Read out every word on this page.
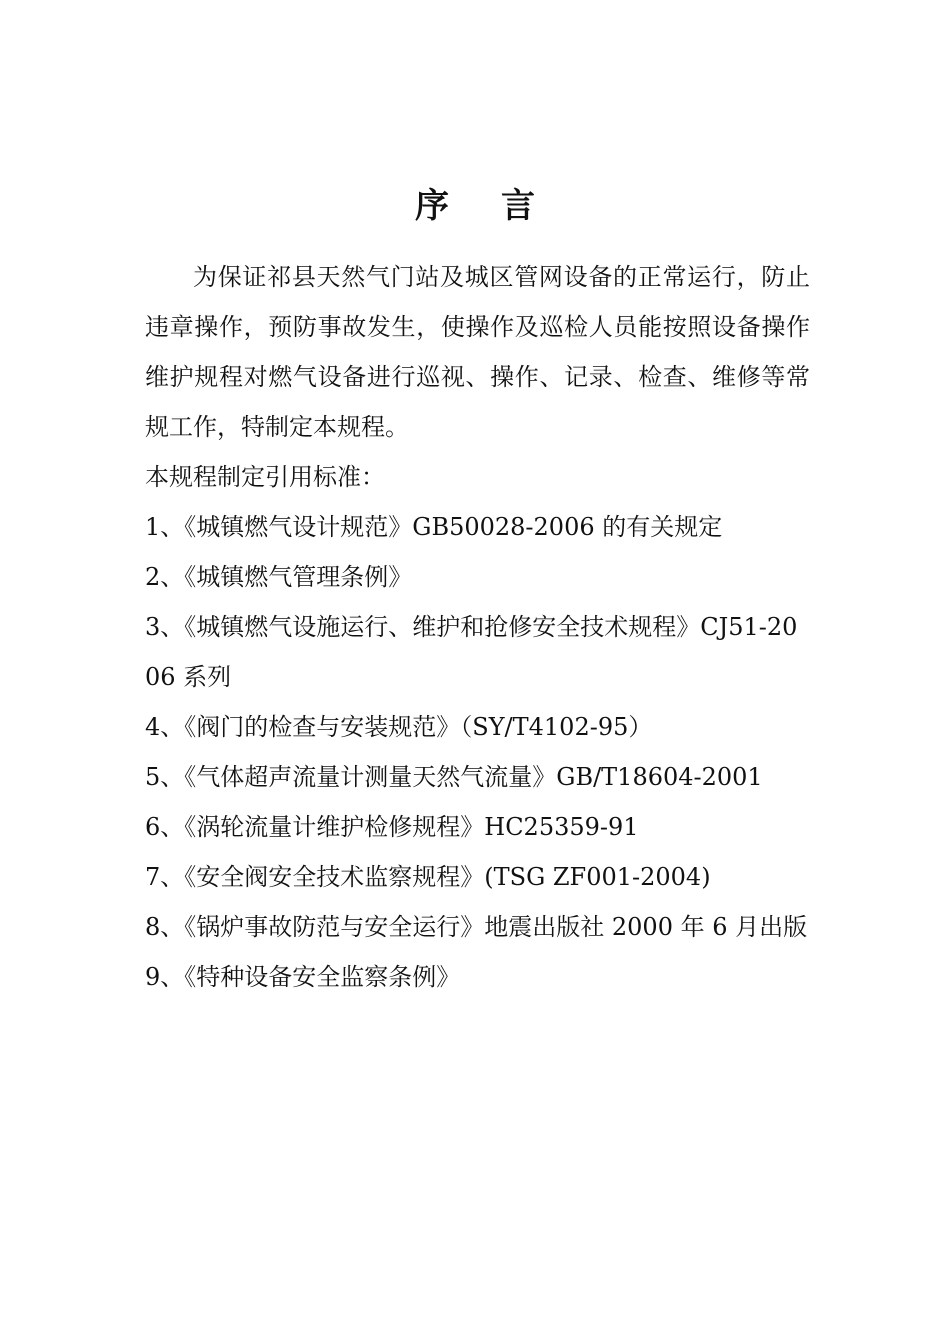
序 言

为保证祁县天然气门站及城区管网设备的正常运行，防止违章操作，预防事故发生，使操作及巡检人员能按照设备操作维护规程对燃气设备进行巡视、操作、记录、检查、维修等常规工作，特制定本规程。

本规程制定引用标准：

1、《城镇燃气设计规范》GB50028-2006 的有关规定

2、《城镇燃气管理条例》

3、《城镇燃气设施运行、维护和抢修安全技术规程》CJ51-2006 系列

4、《阀门的检查与安装规范》（SY/T4102-95）

5、《气体超声流量计测量天然气流量》GB/T18604-2001

6、《涡轮流量计维护检修规程》HC25359-91

7、《安全阀安全技术监察规程》(TSG ZF001-2004)

8、《锅炉事故防范与安全运行》地震出版社 2000 年 6 月出版

9、《特种设备安全监察条例》
